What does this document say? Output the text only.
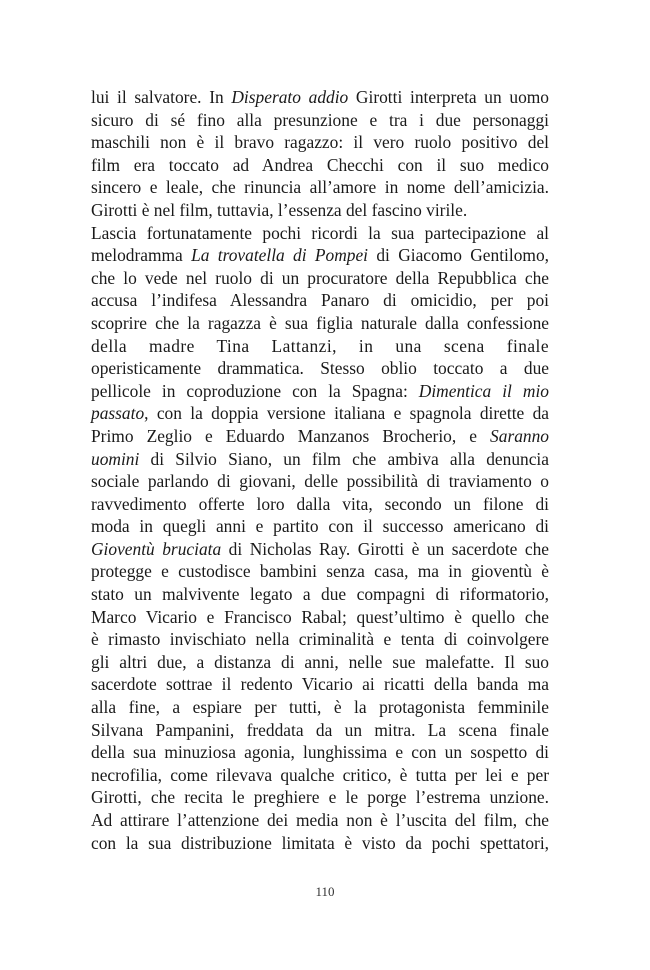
lui il salvatore. In Disperato addio Girotti interpreta un uomo
sicuro di sé fino alla presunzione e tra i due personaggi
maschili non è il bravo ragazzo: il vero ruolo positivo del
film era toccato ad Andrea Checchi con il suo medico
sincero e leale, che rinuncia all’amore in nome dell’amicizia.
Girotti è nel film, tuttavia, l’essenza del fascino virile.
Lascia fortunatamente pochi ricordi la sua partecipazione al
melodramma La trovatella di Pompei di Giacomo Gentilomo,
che lo vede nel ruolo di un procuratore della Repubblica che
accusa l’indifesa Alessandra Panaro di omicidio, per poi
scoprire che la ragazza è sua figlia naturale dalla confessione
della madre Tina Lattanzi, in una scena finale
operisticamente drammatica. Stesso oblio toccato a due
pellicole in coproduzione con la Spagna: Dimentica il mio
passato, con la doppia versione italiana e spagnola dirette da
Primo Zeglio e Eduardo Manzanos Brocherio, e Saranno
uomini di Silvio Siano, un film che ambiva alla denuncia
sociale parlando di giovani, delle possibilità di traviamento o
ravvedimento offerte loro dalla vita, secondo un filone di
moda in quegli anni e partito con il successo americano di
Gioventù bruciata di Nicholas Ray. Girotti è un sacerdote che
protegge e custodisce bambini senza casa, ma in gioventù è
stato un malvivente legato a due compagni di riformatorio,
Marco Vicario e Francisco Rabal; quest’ultimo è quello che
è rimasto invischiato nella criminalità e tenta di coinvolgere
gli altri due, a distanza di anni, nelle sue malefatte. Il suo
sacerdote sottrae il redento Vicario ai ricatti della banda ma
alla fine, a espiare per tutti, è la protagonista femminile
Silvana Pampanini, freddata da un mitra. La scena finale
della sua minuziosa agonia, lunghissima e con un sospetto di
necrofilia, come rilevava qualche critico, è tutta per lei e per
Girotti, che recita le preghiere e le porge l’estrema unzione.
Ad attirare l’attenzione dei media non è l’uscita del film, che
con la sua distribuzione limitata è visto da pochi spettatori,
110
